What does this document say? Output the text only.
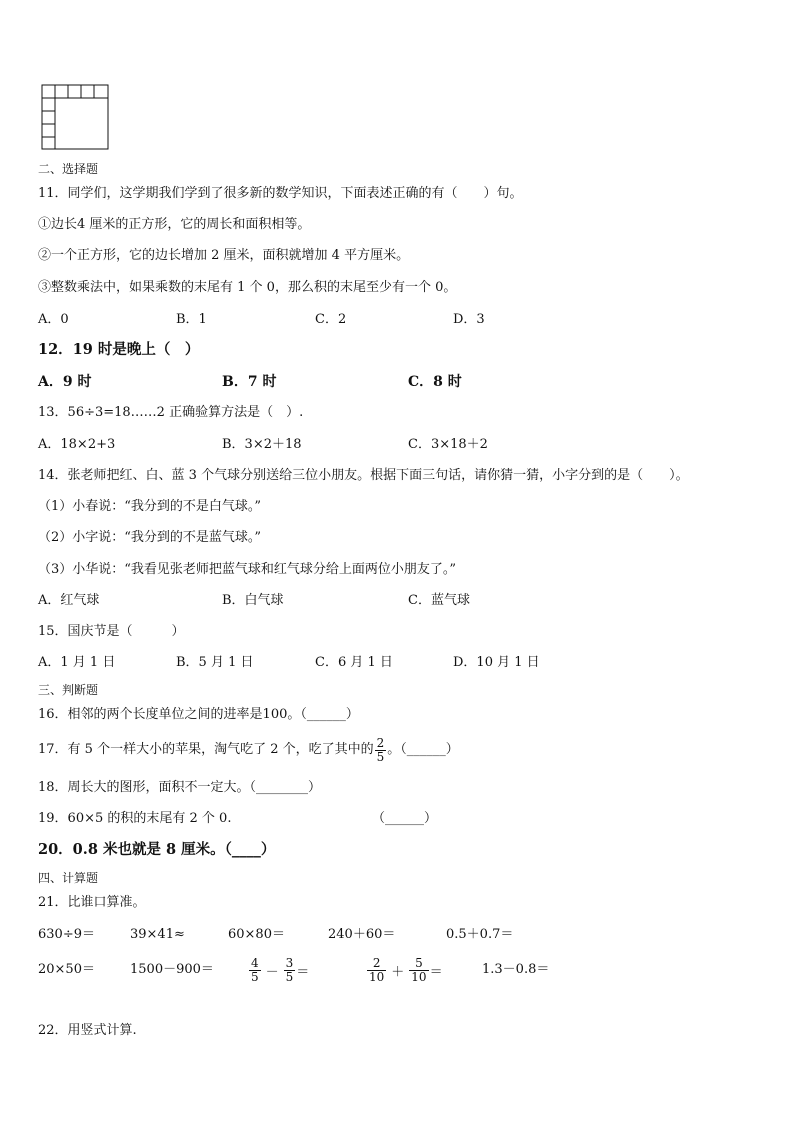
二、选择题
11．同学们，这学期我们学到了很多新的数学知识，下面表述正确的有（　　）句。
①边长4 厘米的正方形，它的周长和面积相等。
②一个正方形，它的边长增加 2 厘米，面积就增加 4 平方厘米。
③整数乘法中，如果乘数的末尾有 1 个 0，那么积的末尾至少有一个 0。
A．0	B．1	C．2	D．3
12．19 时是晚上（　）
A．9 时	B．7 时	C．8 时
13．56÷3=18……2 正确验算方法是（　）.
A．18×2+3	B．3×2＋18	C．3×18＋2
14．张老师把红、白、蓝 3 个气球分别送给三位小朋友。根据下面三句话，请你猜一猜，小字分到的是（　　）。
（1）小春说：“我分到的不是白气球。”
（2）小字说：“我分到的不是蓝气球。”
（3）小华说：“我看见张老师把蓝气球和红气球分给上面两位小朋友了。”
A．红气球	B．白气球	C．蓝气球
15．国庆节是（　　　）
A．1 月 1 日	B．5 月 1 日	C．6 月 1 日	D．10 月 1 日
三、判断题
16．相邻的两个长度单位之间的进率是100。（______）
17．有 5 个一样大小的苹果，淘气吃了 2 个，吃了其中的 $\frac{2}{5}$ 。（______）
18．周长大的图形，面积不一定大。（________）
19．60×5 的积的末尾有 2 个 0.	（______）
20．0.8 米也就是 8 厘米。（____）
四、计算题
21．比谁口算准。
630÷9＝	39×41≈	60×80＝	240＋60＝	0.5＋0.7＝
20×50＝	1500－900＝	$\frac{4}{5} - \frac{3}{5}$ ＝	$\frac{2}{10} + \frac{5}{10}$ ＝	1.3－0.8＝
22．用竖式计算.
